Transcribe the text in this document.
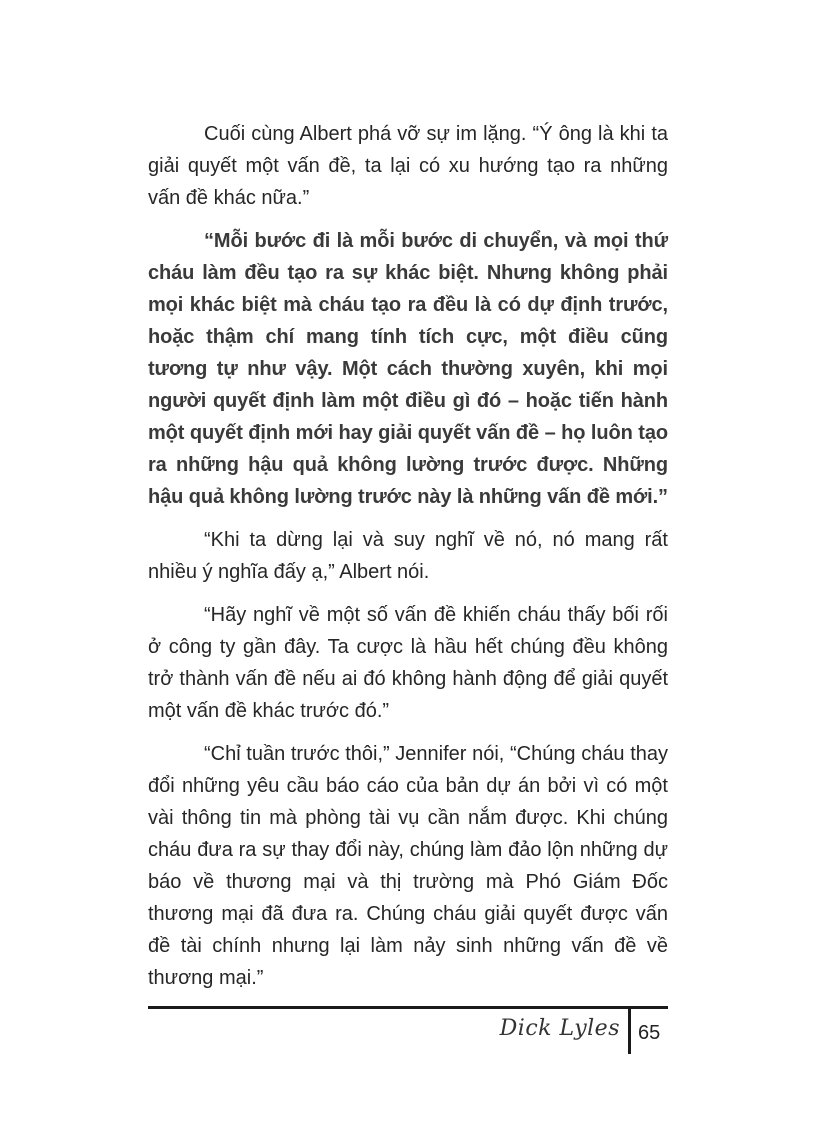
Cuối cùng Albert phá vỡ sự im lặng. “Ý ông là khi ta giải quyết một vấn đề, ta lại có xu hướng tạo ra những vấn đề khác nữa.”

“Mỗi bước đi là mỗi bước di chuyển, và mọi thứ cháu làm đều tạo ra sự khác biệt. Nhưng không phải mọi khác biệt mà cháu tạo ra đều là có dự định trước, hoặc thậm chí mang tính tích cực, một điều cũng tương tự như vậy. Một cách thường xuyên, khi mọi người quyết định làm một điều gì đó – hoặc tiến hành một quyết định mới hay giải quyết vấn đề – họ luôn tạo ra những hậu quả không lường trước được. Những hậu quả không lường trước này là những vấn đề mới.”

“Khi ta dừng lại và suy nghĩ về nó, nó mang rất nhiều ý nghĩa đấy ạ,” Albert nói.

“Hãy nghĩ về một số vấn đề khiến cháu thấy bối rối ở công ty gần đây. Ta cược là hầu hết chúng đều không trở thành vấn đề nếu ai đó không hành động để giải quyết một vấn đề khác trước đó.”

“Chỉ tuần trước thôi,” Jennifer nói, “Chúng cháu thay đổi những yêu cầu báo cáo của bản dự án bởi vì có một vài thông tin mà phòng tài vụ cần nắm được. Khi chúng cháu đưa ra sự thay đổi này, chúng làm đảo lộn những dự báo về thương mại và thị trường mà Phó Giám Đốc thương mại đã đưa ra. Chúng cháu giải quyết được vấn đề tài chính nhưng lại làm nảy sinh những vấn đề về thương mại.”

Dick Lyles 65
